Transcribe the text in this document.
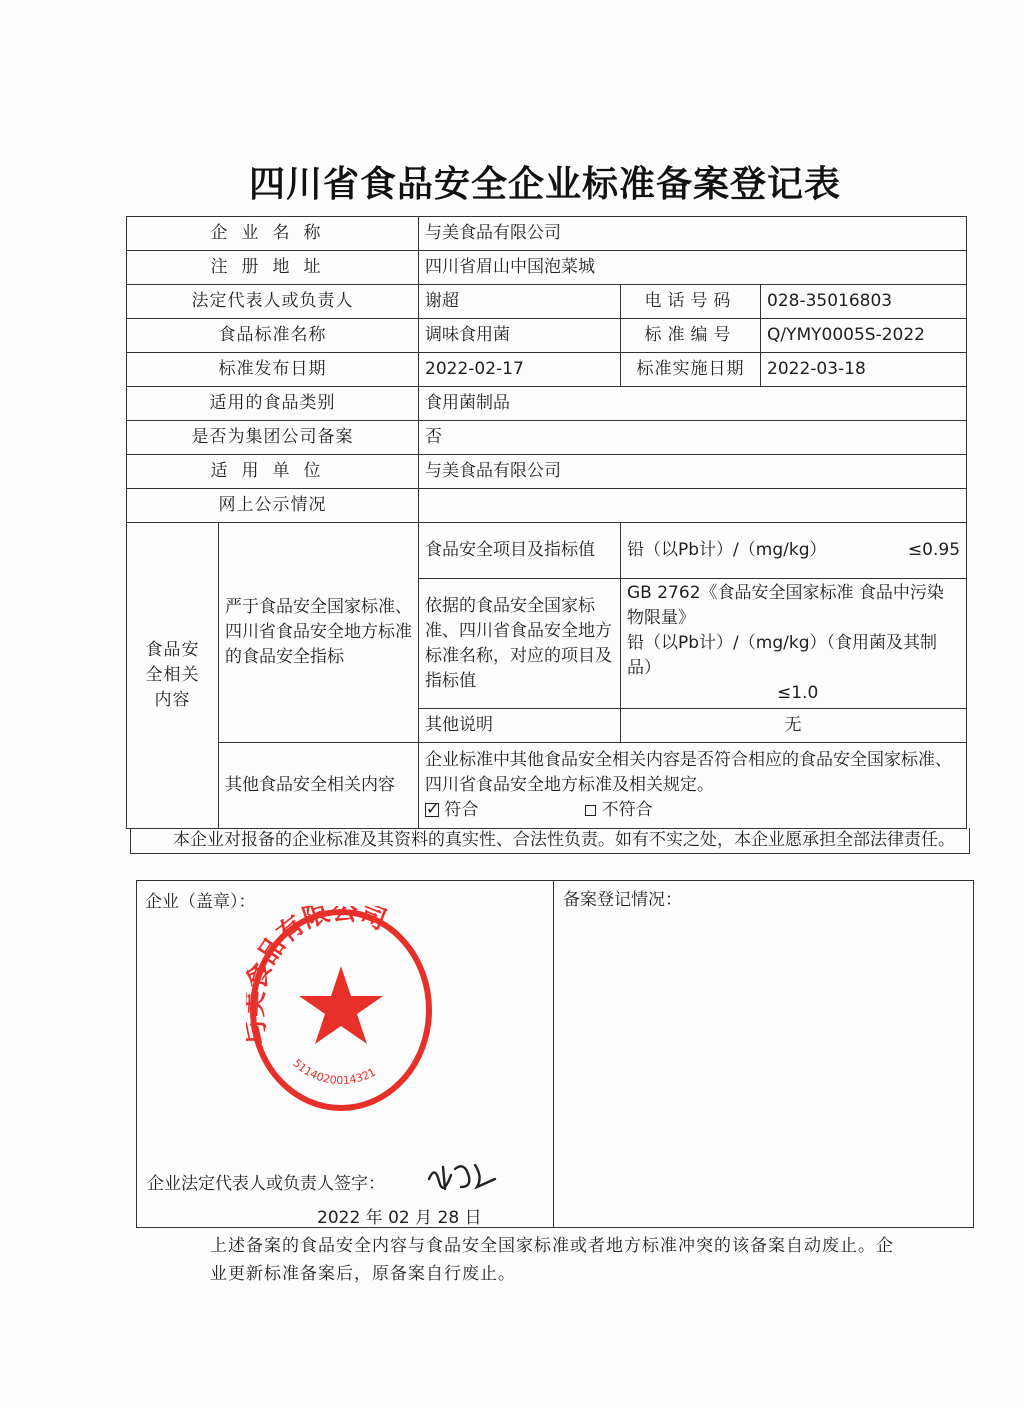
四川省食品安全企业标准备案登记表
企业名称		与美食品有限公司		
注册地址		四川省眉山中国泡菜城		
法定代表人或负责人		谢超	电话号码	028-35016803
食品标准名称		调味食用菌	标准编号	Q/YMY0005S-2022
标准发布日期		2022-02-17	标准实施日期	2022-03-18
适用的食品类别		食用菌制品		
是否为集团公司备案		否		
适用单位		与美食品有限公司		
网上公示情况				
食品安全相关内容	严于食品安全国家标准、四川省食品安全地方标准的食品安全指标	食品安全项目及指标值	铅（以Pb计）/（mg/kg） ≤0.95	

		依据的食品安全国家标准、四川省食品安全地方标准名称，对应的项目及指标值	GB 2762《食品安全国家标准 食品中污染物限量》
铅（以Pb计）/（mg/kg）（食用菌及其制品）
≤1.0	

		其他说明	无	
	其他食品安全相关内容	企业标准中其他食品安全相关内容是否符合相应的食品安全国家标准、四川省食品安全地方标准及相关规定。
✓ 符合 不符合
本企业对报备的企业标准及其资料的真实性、合法性负责。如有不实之处，本企业愿承担全部法律责任。
企业（盖章）：	备案登记情况：
企业法定代表人或负责人签字：
2022 年 02 月 28 日
品有限公司
5114020014321
上述备案的食品安全内容与食品安全国家标准或者地方标准冲突的该备案自动废止。企业更新标准备案后，原备案自行废止。
